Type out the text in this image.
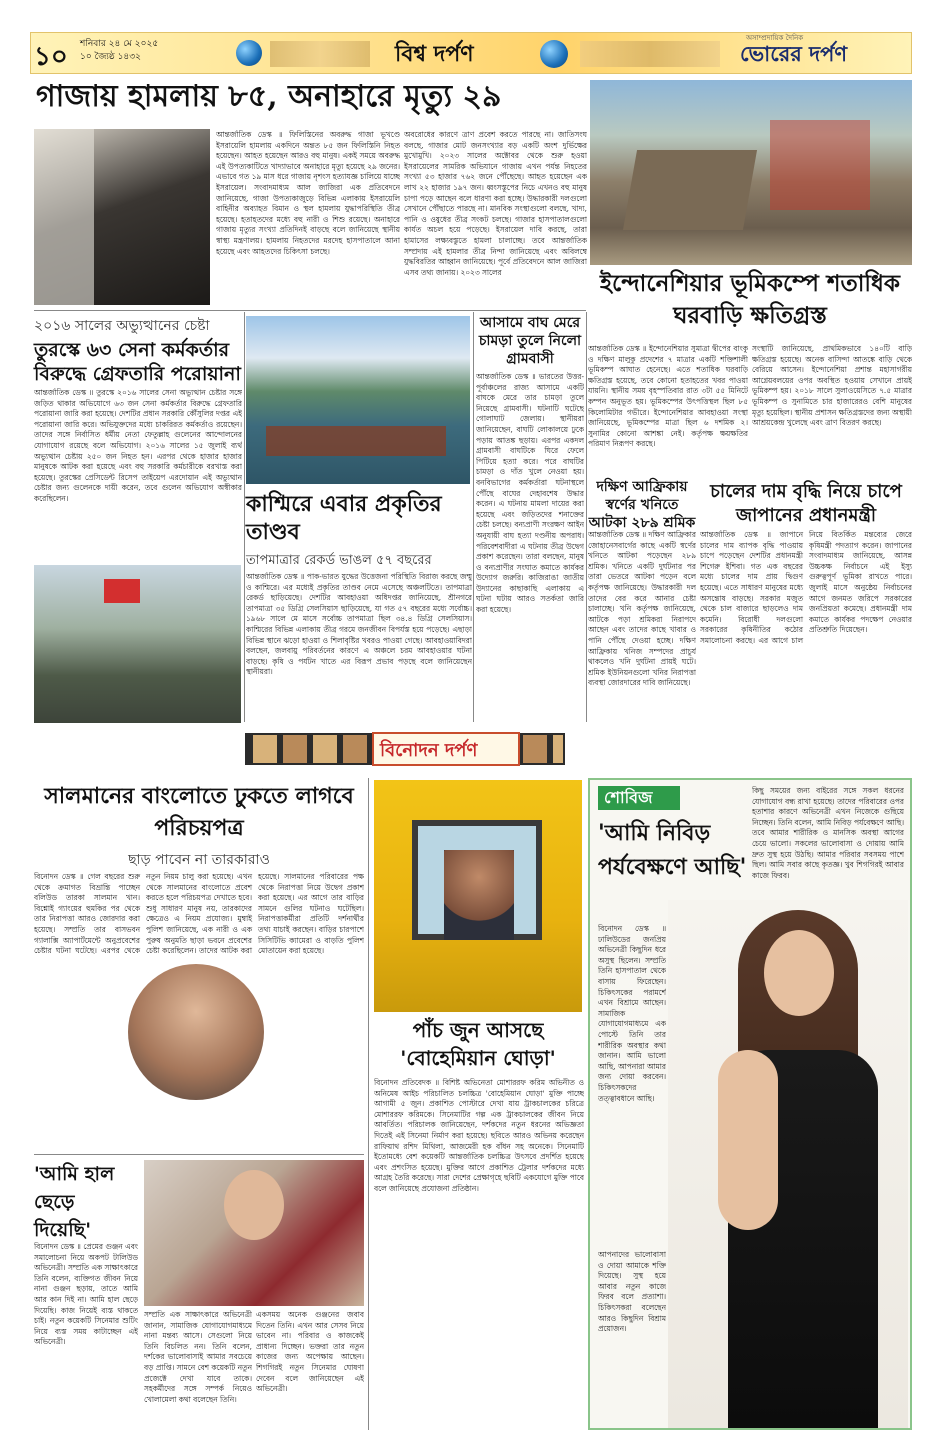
১০ শনিবার ২৪ মে ২০২৫
১০ জ্যৈষ্ঠ ১৪৩২	বিশ্ব দর্পণ
অসাম্প্রদায়িক দৈনিক
ভোরের দর্পণ
গাজায় হামলায় ৮৫, অনাহারে মৃত্যু ২৯
আন্তর্জাতিক ডেস্ক ॥ ফিলিস্তিনের অবরুদ্ধ গাজা ভূখণ্ডে ইসরায়েলি হামলায় একদিনে অন্তত ৮৫ জন ফিলিস্তিনি নিহত হয়েছেন। আহত হয়েছেন আরও বহু মানুষ। একই সময়ে অবরুদ্ধ এই উপত্যকাটিতে খাদ্যাভাবে অনাহারে মৃত্যু হয়েছে ২৯ জনের। এভাবে গত ১৯ মাস ধরে গাজায় নৃশংস হত্যাযজ্ঞ চালিয়ে যাচ্ছে ইসরায়েল। সংবাদমাধ্যম আল জাজিরা এক প্রতিবেদনে জানিয়েছে, গাজা উপত্যকাজুড়ে বিভিন্ন এলাকায় ইসরায়েলি বাহিনীর অব্যাহত বিমান ও স্থল হামলায় যুদ্ধাপরিস্থিতি তীব্র হয়েছে। হতাহতদের মধ্যে বহু নারী ও শিশু রয়েছে। অনাহারে গাজায় মৃত্যুর সংখ্যা প্রতিদিনই বাড়ছে বলে জানিয়েছে স্থানীয় স্বাস্থ্য মন্ত্রণালয়। হামলায় নিহতদের মরদেহ হাসপাতালে আনা হয়েছে এবং আহতদের চিকিৎসা চলছে।
অবরোধের কারণে ত্রাণ প্রবেশ করতে পারছে না। জাতিসংঘ বলছে, গাজার মোট জনসংখ্যার বড় একটি অংশ দুর্ভিক্ষের মুখোমুখি। ২০২৩ সালের অক্টোবর থেকে শুরু হওয়া ইসরায়েলের সামরিক অভিযানে গাজায় এখন পর্যন্ত নিহতের সংখ্যা ৫৩ হাজার ৭৬২ জনে পৌঁছেছে। আহত হয়েছেন এক লাখ ২২ হাজার ১৯৭ জন। ধ্বংসস্তূপের নিচে এখনও বহু মানুষ চাপা পড়ে আছেন বলে ধারণা করা হচ্ছে। উদ্ধারকারী দলগুলো সেখানে পৌঁছাতে পারছে না। মানবিক সংস্থাগুলো বলছে, খাদ্য, পানি ও ওষুধের তীব্র সংকট চলছে। গাজার হাসপাতালগুলো কার্যত অচল হয়ে পড়েছে। ইসরায়েল দাবি করছে, তারা হামাসের লক্ষ্যবস্তুতে হামলা চালাচ্ছে। তবে আন্তর্জাতিক সম্প্রদায় এই হামলার তীব্র নিন্দা জানিয়েছে এবং অবিলম্বে যুদ্ধবিরতির আহ্বান জানিয়েছে। পূর্বে প্রতিবেদনে আল জাজিরা এসব তথ্য জানায়। ২০২৩ সালের	ইন্দোনেশিয়ার ভূমিকম্পে শতাধিক ঘরবাড়ি ক্ষতিগ্রস্ত
আন্তর্জাতিক ডেস্ক ॥ ইন্দোনেশিয়ার সুমাত্রা দ্বীপের বাংকু ও দক্ষিণ মালুকু প্রদেশের ৭ মাত্রার একটি শক্তিশালী ভূমিকম্প আঘাত হেনেছে। এতে শতাধিক ঘরবাড়ি ক্ষতিগ্রস্ত হয়েছে, তবে কোনো হতাহতের খবর পাওয়া যায়নি। স্থানীয় সময় বৃহস্পতিবার রাত ৩টা ৫৫ মিনিটে কম্পন অনুভূত হয়। ভূমিকম্পের উৎপত্তিস্থল ছিল ৮৫ কিলোমিটার গভীরে। ইন্দোনেশিয়ার আবহাওয়া সংস্থা জানিয়েছে, ভূমিকম্পের মাত্রা ছিল ৬ দশমিক ২। সুনামির কোনো আশঙ্কা নেই। কর্তৃপক্ষ ক্ষয়ক্ষতির পরিমাণ নিরূপণ করছে।
সংস্থাটি জানিয়েছে, প্রাথমিকভাবে ১৪০টি বাড়ি ক্ষতিগ্রস্ত হয়েছে। অনেক বাসিন্দা আতঙ্কে বাড়ি থেকে বেরিয়ে আসেন। ইন্দোনেশিয়া প্রশান্ত মহাসাগরীয় আগ্নেয়বলয়ের ওপর অবস্থিত হওয়ায় সেখানে প্রায়ই ভূমিকম্প হয়। ২০১৮ সালে সুলাওয়েসিতে ৭.৫ মাত্রার ভূমিকম্প ও সুনামিতে চার হাজারেরও বেশি মানুষের মৃত্যু হয়েছিল। স্থানীয় প্রশাসন ক্ষতিগ্রস্তদের জন্য অস্থায়ী আশ্রয়কেন্দ্র খুলেছে এবং ত্রাণ বিতরণ করছে।
২০১৬ সালের অভ্যুত্থানের চেষ্টা
তুরস্কে ৬৩ সেনা কর্মকর্তার বিরুদ্ধে গ্রেফতারি পরোয়ানা
আন্তর্জাতিক ডেস্ক ॥ তুরস্কে ২০১৬ সালের সেনা অভ্যুত্থান চেষ্টার সঙ্গে জড়িত থাকার অভিযোগে ৬৩ জন সেনা কর্মকর্তার বিরুদ্ধে গ্রেফতারি পরোয়ানা জারি করা হয়েছে। দেশটির প্রধান সরকারি কৌঁসুলির দপ্তর এই পরোয়ানা জারি করে। অভিযুক্তদের মধ্যে চাকরিরত কর্মকর্তাও রয়েছেন। তাদের সঙ্গে নির্বাসিত ধর্মীয় নেতা ফেতুল্লাহ গুলেনের আন্দোলনের যোগাযোগ রয়েছে বলে অভিযোগ। ২০১৬ সালের ১৫ জুলাই ব্যর্থ অভ্যুত্থান চেষ্টায় ২৫০ জন নিহত হন। এরপর থেকে হাজার হাজার মানুষকে আটক করা হয়েছে এবং বহু সরকারি কর্মচারীকে বরখাস্ত করা হয়েছে। তুরস্কের প্রেসিডেন্ট রিসেপ তাইয়েপ এরদোয়ান এই অভ্যুত্থান চেষ্টার জন্য গুলেনকে দায়ী করেন, তবে গুলেন অভিযোগ অস্বীকার করেছিলেন।	কাশ্মিরে এবার প্রকৃতির তাণ্ডব
তাপমাত্রার রেকর্ড ভাঙল ৫৭ বছরের
আন্তর্জাতিক ডেস্ক ॥ পাক-ভারত যুদ্ধের উত্তেজনা পরিস্থিতি বিরাজ করছে জম্মু ও কাশ্মিরে। এর মধ্যেই প্রকৃতির তাণ্ডব নেমে এসেছে অঞ্চলটিতে। তাপমাত্রা রেকর্ড ছাড়িয়েছে। দেশটির আবহাওয়া অধিদপ্তর জানিয়েছে, শ্রীনগরে তাপমাত্রা ৩৫ ডিগ্রি সেলসিয়াস ছাড়িয়েছে, যা গত ৫৭ বছরের মধ্যে সর্বোচ্চ। ১৯৬৮ সালে মে মাসে সর্বোচ্চ তাপমাত্রা ছিল ৩৪.৪ ডিগ্রি সেলসিয়াস। কাশ্মিরের বিভিন্ন এলাকায় তীব্র গরমে জনজীবন বিপর্যস্ত হয়ে পড়েছে। এছাড়া বিভিন্ন স্থানে ঝড়ো হাওয়া ও শিলাবৃষ্টির খবরও পাওয়া গেছে। আবহাওয়াবিদরা বলছেন, জলবায়ু পরিবর্তনের কারণে এ অঞ্চলে চরম আবহাওয়ার ঘটনা বাড়ছে। কৃষি ও পর্যটন খাতে এর বিরূপ প্রভাব পড়ছে বলে জানিয়েছেন স্থানীয়রা।
আসামে বাঘ মেরে চামড়া তুলে নিলো গ্রামবাসী
আন্তর্জাতিক ডেস্ক ॥ ভারতের উত্তর-পূর্বাঞ্চলের রাজ্য আসামে একটি বাঘকে মেরে তার চামড়া তুলে নিয়েছে গ্রামবাসী। ঘটনাটি ঘটেছে গোলাঘাট জেলায়। স্থানীয়রা জানিয়েছেন, বাঘটি লোকালয়ে ঢুকে পড়ায় আতঙ্ক ছড়ায়। এরপর একদল গ্রামবাসী বাঘটিকে ঘিরে ফেলে পিটিয়ে হত্যা করে। পরে বাঘটির চামড়া ও দাঁত খুলে নেওয়া হয়। বনবিভাগের কর্মকর্তারা ঘটনাস্থলে পৌঁছে বাঘের দেহাবশেষ উদ্ধার করেন। এ ঘটনায় মামলা দায়ের করা হয়েছে এবং জড়িতদের শনাক্তের চেষ্টা চলছে। বন্যপ্রাণী সংরক্ষণ আইন অনুযায়ী বাঘ হত্যা দণ্ডনীয় অপরাধ। পরিবেশবাদীরা এ ঘটনায় তীব্র উদ্বেগ প্রকাশ করেছেন। তারা বলছেন, মানুষ ও বন্যপ্রাণীর সংঘাত কমাতে কার্যকর উদ্যোগ জরুরি। কাজিরাঙা জাতীয় উদ্যানের কাছাকাছি এলাকায় এ ঘটনা ঘটায় আরও সতর্কতা জারি করা হয়েছে।
দক্ষিণ আফ্রিকায় স্বর্ণের খনিতে আটকা ২৮৯ শ্রমিক
আন্তর্জাতিক ডেস্ক ॥ দক্ষিণ আফ্রিকার জোহানেসবার্গের কাছে একটি স্বর্ণের খনিতে আটকা পড়েছেন ২৮৯ শ্রমিক। খনিতে একটি দুর্ঘটনার পর তারা ভেতরে আটকা পড়েন বলে কর্তৃপক্ষ জানিয়েছে। উদ্ধারকারী দল তাদের বের করে আনার চেষ্টা চালাচ্ছে। খনি কর্তৃপক্ষ জানিয়েছে, আটকে পড়া শ্রমিকরা নিরাপদে আছেন এবং তাদের কাছে খাবার ও পানি পৌঁছে দেওয়া হচ্ছে। দক্ষিণ আফ্রিকায় খনিজ সম্পদের প্রাচুর্য থাকলেও খনি দুর্ঘটনা প্রায়ই ঘটে। শ্রমিক ইউনিয়নগুলো খনির নিরাপত্তা ব্যবস্থা জোরদারের দাবি জানিয়েছে।
চালের দাম বৃদ্ধি নিয়ে চাপে জাপানের প্রধানমন্ত্রী
আন্তর্জাতিক ডেস্ক ॥ জাপানে চালের দাম ব্যাপক বৃদ্ধি পাওয়ায় চাপে পড়েছেন দেশটির প্রধানমন্ত্রী শিগেরু ইশিবা। গত এক বছরের মধ্যে চালের দাম প্রায় দ্বিগুণ হয়েছে। এতে সাধারণ মানুষের মধ্যে অসন্তোষ বাড়ছে। সরকার মজুত থেকে চাল বাজারে ছাড়লেও দাম কমেনি। বিরোধী দলগুলো সরকারের কৃষিনীতির কঠোর সমালোচনা করছে। এর আগে চাল নিয়ে বিতর্কিত মন্তব্যের জেরে কৃষিমন্ত্রী পদত্যাগ করেন। জাপানের সংবাদমাধ্যম জানিয়েছে, আসন্ন উচ্চকক্ষ নির্বাচনে এই ইস্যু গুরুত্বপূর্ণ ভূমিকা রাখতে পারে। জুলাই মাসে অনুষ্ঠেয় নির্বাচনের আগে জনমত জরিপে সরকারের জনপ্রিয়তা কমেছে। প্রধানমন্ত্রী দাম কমাতে কার্যকর পদক্ষেপ নেওয়ার প্রতিশ্রুতি দিয়েছেন।
বিনোদন দর্পণ
সালমানের বাংলোতে ঢুকতে লাগবে পরিচয়পত্র
ছাড় পাবেন না তারকারাও
বিনোদন ডেস্ক ॥ গেল বছরের শুরু থেকে ক্রমাগত বিভ্রান্তি পাচ্ছেন বলিউড তারকা সালমান খান। বিশ্নোই গ্যাংয়ের হুমকির পর থেকে তার নিরাপত্তা আরও জোরদার করা হয়েছে। সম্প্রতি তার বাসভবন গ্যালাক্সি অ্যাপার্টমেন্টে অনুপ্রবেশের চেষ্টার ঘটনা ঘটেছে। এরপর থেকে নতুন নিয়ম চালু করা হয়েছে। এখন থেকে সালমানের বাংলোতে প্রবেশ করতে হলে পরিচয়পত্র দেখাতে হবে। শুধু সাধারণ মানুষ নয়, তারকাদের ক্ষেত্রেও এ নিয়ম প্রযোজ্য। মুম্বাই পুলিশ জানিয়েছে, এক নারী ও এক পুরুষ অনুমতি ছাড়া ভবনে প্রবেশের চেষ্টা করেছিলেন। তাদের আটক করা হয়েছে। সালমানের পরিবারের পক্ষ থেকে নিরাপত্তা নিয়ে উদ্বেগ প্রকাশ করা হয়েছে। এর আগে তার বাড়ির সামনে গুলির ঘটনাও ঘটেছিল। নিরাপত্তাকর্মীরা প্রতিটি দর্শনার্থীর তথ্য যাচাই করছেন। বাড়ির চারপাশে সিসিটিভি ক্যামেরা ও বাড়তি পুলিশ মোতায়েন করা হয়েছে।
পাঁচ জুন আসছে 'বোহেমিয়ান ঘোড়া'
বিনোদন প্রতিবেদক ॥ বিশিষ্ট অভিনেতা মোশাররফ করিম অভিনীত ও অনিমেষ আইচ পরিচালিত চলচ্চিত্র 'বোহেমিয়ান ঘোড়া' মুক্তি পাচ্ছে আগামী ৫ জুন। প্রকাশিত পোস্টারে দেখা যায় ট্রাকচালকের চরিত্রে মোশাররফ করিমকে। সিনেমাটির গল্প এক ট্রাকচালকের জীবন নিয়ে আবর্তিত। পরিচালক জানিয়েছেন, দর্শকদের নতুন ধরনের অভিজ্ঞতা দিতেই এই সিনেমা নির্মাণ করা হয়েছে। ছবিতে আরও অভিনয় করেছেন রাফিয়াথ রশিদ মিথিলা, আজমেরী হক বাঁধন সহ অনেকে। সিনেমাটি ইতোমধ্যে বেশ কয়েকটি আন্তর্জাতিক চলচ্চিত্র উৎসবে প্রদর্শিত হয়েছে এবং প্রশংসিত হয়েছে। মুক্তির আগে প্রকাশিত ট্রেলার দর্শকদের মধ্যে আগ্রহ তৈরি করেছে। সারা দেশের প্রেক্ষাগৃহে ছবিটি একযোগে মুক্তি পাবে বলে জানিয়েছে প্রযোজনা প্রতিষ্ঠান।
'আমি হাল ছেড়ে দিয়েছি'
বিনোদন ডেস্ক ॥ প্রেমের গুঞ্জন এবং সমালোচনা নিয়ে অকপট টালিউড অভিনেত্রী। সম্প্রতি এক সাক্ষাৎকারে তিনি বলেন, ব্যক্তিগত জীবন নিয়ে নানা গুঞ্জন ছড়ায়, তাতে আমি আর কান দিই না। আমি হাল ছেড়ে দিয়েছি। কাজ নিয়েই ব্যস্ত থাকতে চাই। নতুন কয়েকটি সিনেমার শুটিং নিয়ে ব্যস্ত সময় কাটাচ্ছেন এই অভিনেত্রী।
সম্প্রতি এক সাক্ষাৎকারে অভিনেত্রী জানান, সামাজিক যোগাযোগমাধ্যমে নানা মন্তব্য আসে। সেগুলো নিয়ে তিনি বিচলিত নন। তিনি বলেন, দর্শকের ভালোবাসাই আমার সবচেয়ে বড় প্রাপ্তি। সামনে বেশ কয়েকটি নতুন প্রজেক্টে দেখা যাবে তাকে। সহকর্মীদের সঙ্গে সম্পর্ক নিয়েও খোলামেলা কথা বলেছেন তিনি।
একসময় অনেক গুঞ্জনের জবাব দিতেন তিনি। এখন আর সেসব নিয়ে ভাবেন না। পরিবার ও কাজকেই প্রাধান্য দিচ্ছেন। ভক্তরা তার নতুন কাজের জন্য অপেক্ষায় আছেন। শিগগিরই নতুন সিনেমার ঘোষণা দেবেন বলে জানিয়েছেন এই অভিনেত্রী।
শোবিজ
'আমি নিবিড় পর্যবেক্ষণে আছি'
কিছু সময়ের জন্য বাইরের সঙ্গে সকল ধরনের যোগাযোগ বন্ধ রাখা হয়েছে। তাদের পরিবারের ওপর হতাশার কারণে অভিনেত্রী এখন নিজেকে গুছিয়ে নিচ্ছেন। তিনি বলেন, আমি নিবিড় পর্যবেক্ষণে আছি। তবে আমার শারীরিক ও মানসিক অবস্থা আগের চেয়ে ভালো। সকলের ভালোবাসা ও দোয়ায় আমি দ্রুত সুস্থ হয়ে উঠছি। আমার পরিবার সবসময় পাশে ছিল। আমি সবার কাছে কৃতজ্ঞ। খুব শিগগিরই আবার কাজে ফিরব।
বিনোদন ডেস্ক ॥ ঢালিউডের জনপ্রিয় অভিনেত্রী কিছুদিন ধরে অসুস্থ ছিলেন। সম্প্রতি তিনি হাসপাতাল থেকে বাসায় ফিরেছেন। চিকিৎসকের পরামর্শে এখন বিশ্রামে আছেন। সামাজিক যোগাযোগমাধ্যমে এক পোস্টে তিনি তার শারীরিক অবস্থার কথা জানান। আমি ভালো আছি, আপনারা আমার জন্য দোয়া করবেন। চিকিৎসকদের তত্ত্বাবধানে আছি।
আপনাদের ভালোবাসা ও দোয়া আমাকে শক্তি দিয়েছে। সুস্থ হয়ে আবার নতুন কাজে ফিরব বলে প্রত্যাশা। চিকিৎসকরা বলেছেন আরও কিছুদিন বিশ্রাম প্রয়োজন।
